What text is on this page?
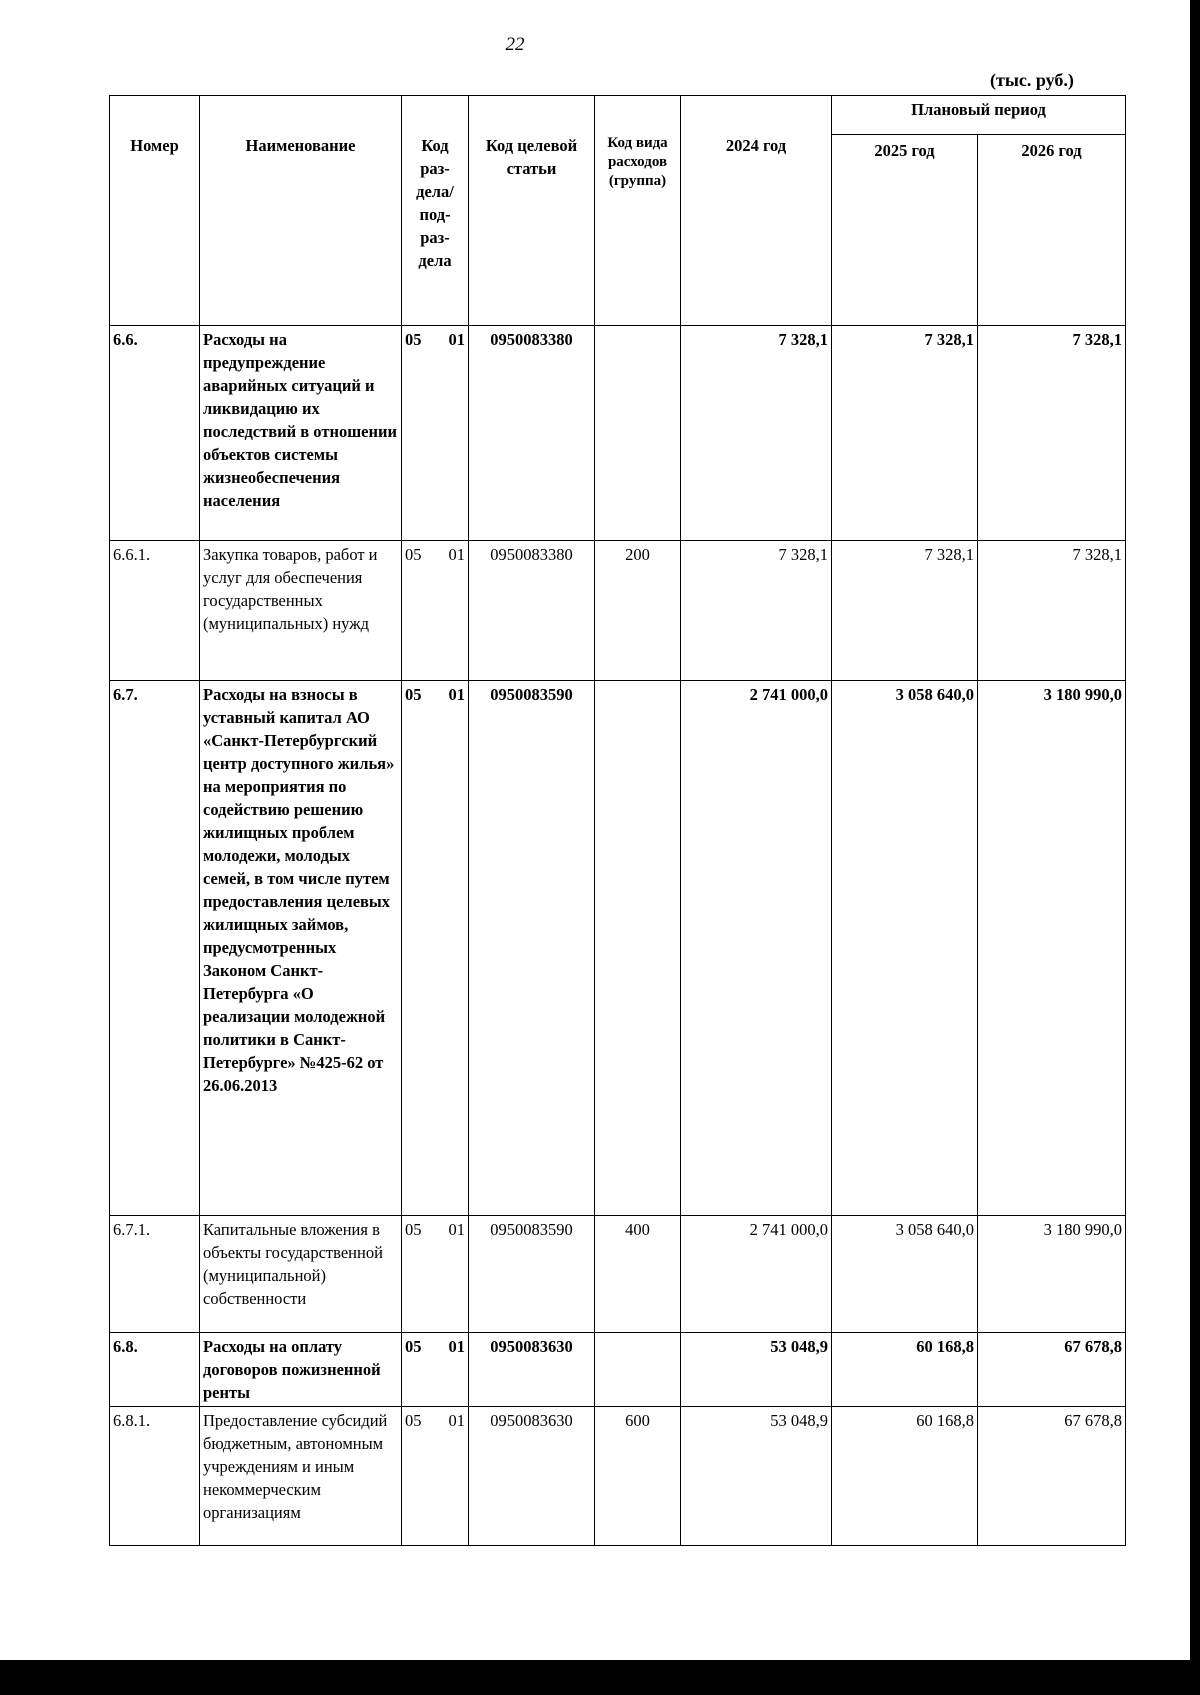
22
(тыс. руб.)
Номер	Наименование	Код раз-дела/ под-раз-дела	Код целевой статьи	Код вида расходов (группа)	2024 год	Плановый период	
						2025 год	2026 год
6.6.	Расходы на предупреждение аварийных ситуаций и ликвидацию их последствий в отношении объектов системы жизнеобеспечения населения	05 01	0950083380		7 328,1	7 328,1	7 328,1
6.6.1.	Закупка товаров, работ и услуг для обеспечения государственных (муниципальных) нужд	05 01	0950083380	200	7 328,1	7 328,1	7 328,1
6.7.	Расходы на взносы в уставный капитал АО «Санкт-Петербургский центр доступного жилья» на мероприятия по содействию решению жилищных проблем молодежи, молодых семей, в том числе путем предоставления целевых жилищных займов, предусмотренных Законом Санкт-Петербурга «О реализации молодежной политики в Санкт-Петербурге» №425-62 от 26.06.2013	05 01	0950083590		2 741 000,0	3 058 640,0	3 180 990,0
6.7.1.	Капитальные вложения в объекты государственной (муниципальной) собственности	05 01	0950083590	400	2 741 000,0	3 058 640,0	3 180 990,0
6.8.	Расходы на оплату договоров пожизненной ренты	05 01	0950083630		53 048,9	60 168,8	67 678,8
6.8.1.	Предоставление субсидий бюджетным, автономным учреждениям и иным некоммерческим организациям	05 01	0950083630	600	53 048,9	60 168,8	67 678,8
